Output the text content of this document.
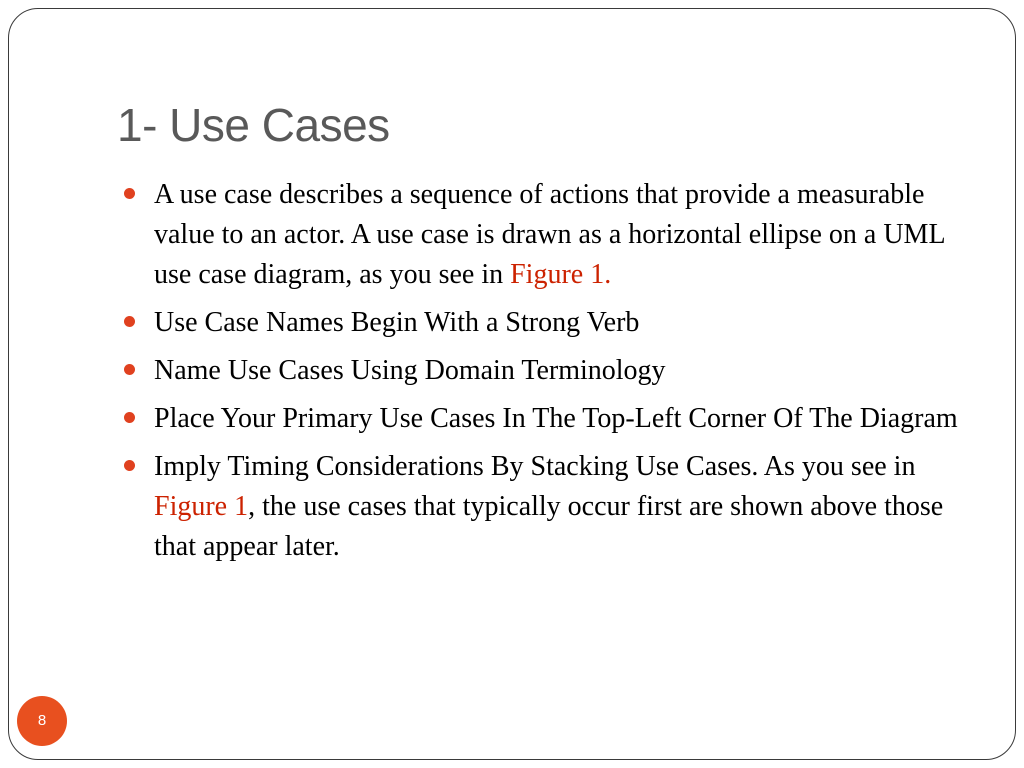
1- Use Cases
A use case describes a sequence of actions that provide a measurable value to an actor. A use case is drawn as a horizontal ellipse on a UML use case diagram, as you see in Figure 1.
Use Case Names Begin With a Strong Verb
Name Use Cases Using Domain Terminology
Place Your Primary Use Cases In The Top-Left Corner Of The Diagram
Imply Timing Considerations By Stacking Use Cases. As you see in Figure 1, the use cases that typically occur first are shown above those that appear later.
8
